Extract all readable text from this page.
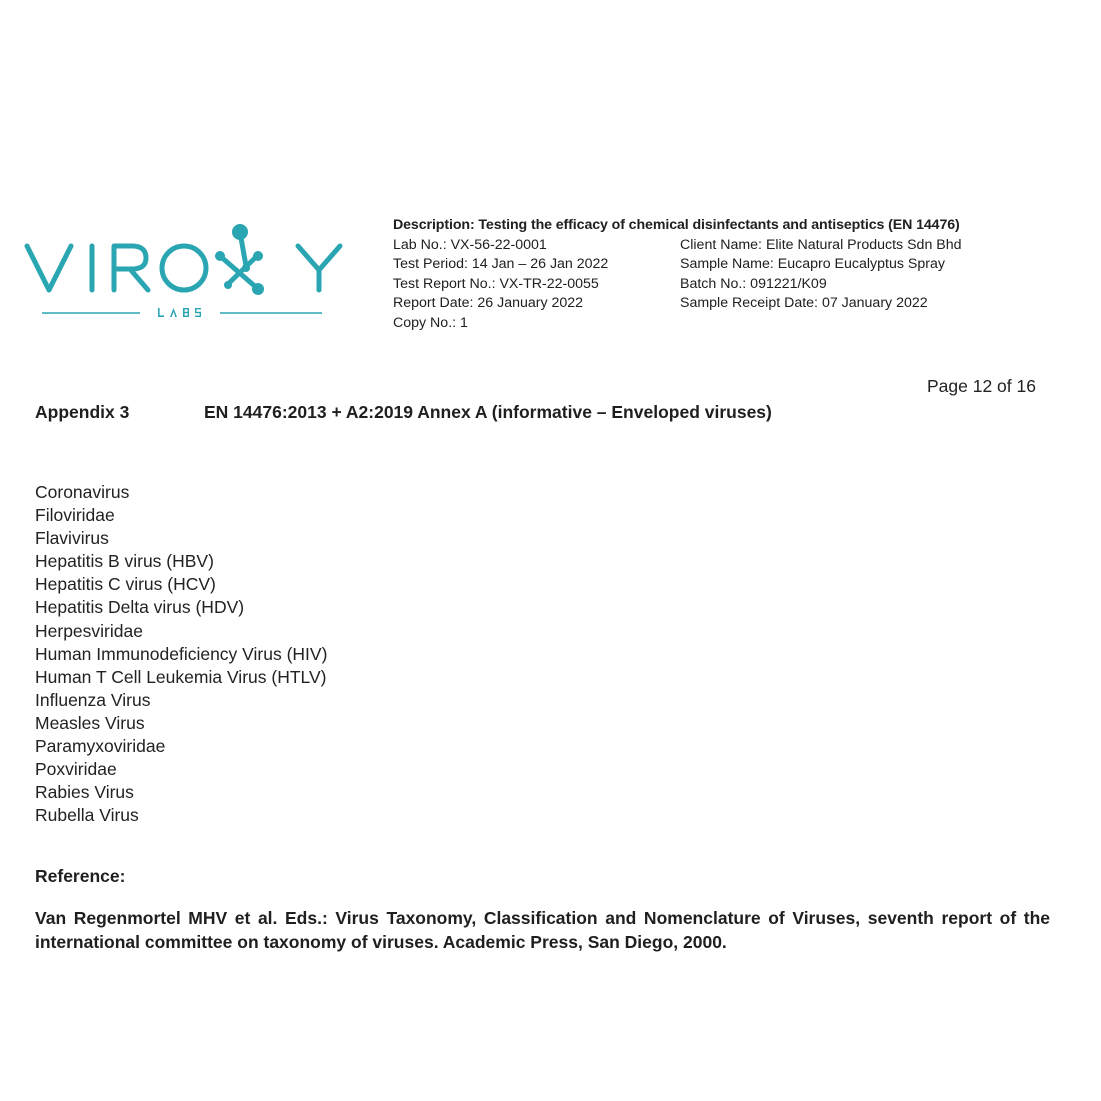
Description: Testing the efficacy of chemical disinfectants and antiseptics (EN 14476)
Lab No.: VX-56-22-0001	Client Name: Elite Natural Products Sdn Bhd
Test Period: 14 Jan – 26 Jan 2022	Sample Name: Eucapro Eucalyptus Spray
Test Report No.: VX-TR-22-0055	Batch No.: 091221/K09
Report Date: 26 January 2022	Sample Receipt Date: 07 January 2022
Copy No.: 1
Page 12 of 16
Appendix 3	EN 14476:2013 + A2:2019 Annex A (informative – Enveloped viruses)
Coronavirus
Filoviridae
Flavivirus
Hepatitis B virus (HBV)
Hepatitis C virus (HCV)
Hepatitis Delta virus (HDV)
Herpesviridae
Human Immunodeficiency Virus (HIV)
Human T Cell Leukemia Virus (HTLV)
Influenza Virus
Measles Virus
Paramyxoviridae
Poxviridae
Rabies Virus
Rubella Virus
Reference:
Van Regenmortel MHV et al. Eds.: Virus Taxonomy, Classification and Nomenclature of Viruses, seventh report of the international committee on taxonomy of viruses. Academic Press, San Diego, 2000.
